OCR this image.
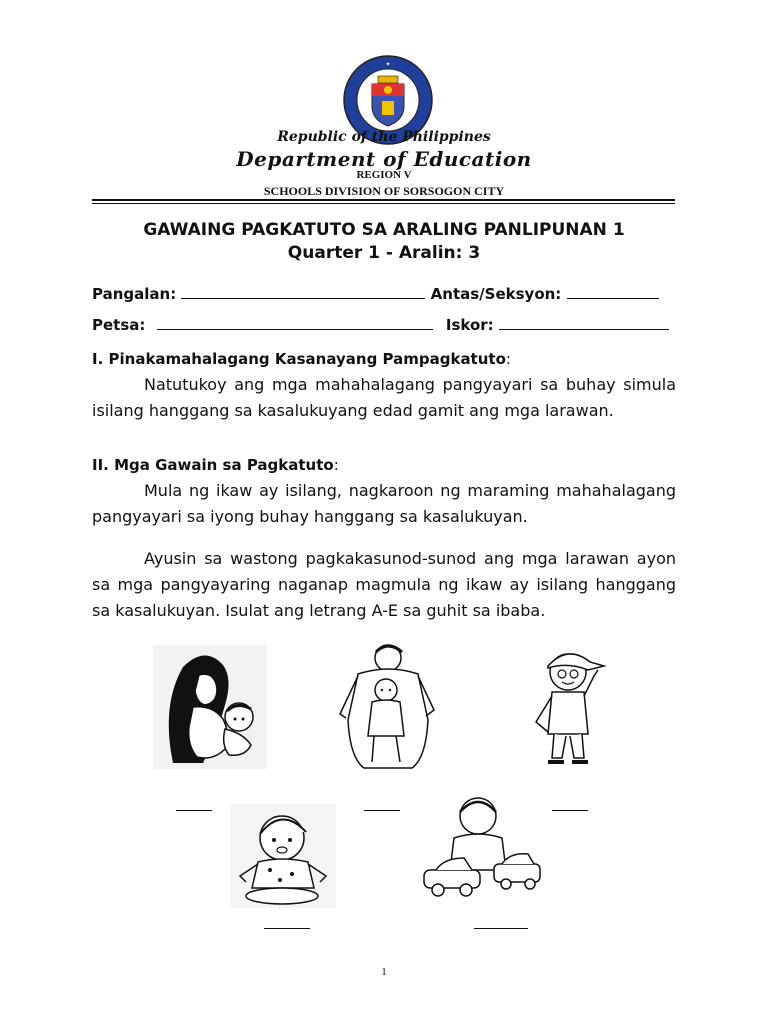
✦
Republic of the Philippines
Department of Education
REGION V
SCHOOLS DIVISION OF SORSOGON CITY
GAWAING PAGKATUTO SA ARALING PANLIPUNAN 1
Quarter 1 - Aralin: 3
Pangalan:	Antas/Seksyon:
Petsa:	Iskor:
I. Pinakamahalagang Kasanayang Pampagkatuto:
Natutukoy ang mga mahahalagang pangyayari sa buhay simula isilang hanggang sa kasalukuyang edad gamit ang mga larawan.
II. Mga Gawain sa Pagkatuto:
Mula ng ikaw ay isilang, nagkaroon ng maraming mahahalagang pangyayari sa iyong buhay hanggang sa kasalukuyan.
Ayusin sa wastong pagkakasunod-sunod ang mga larawan ayon sa mga pangyayaring naganap magmula ng ikaw ay isilang hanggang sa kasalukuyan. Isulat ang letrang A-E sa guhit sa ibaba.
1
